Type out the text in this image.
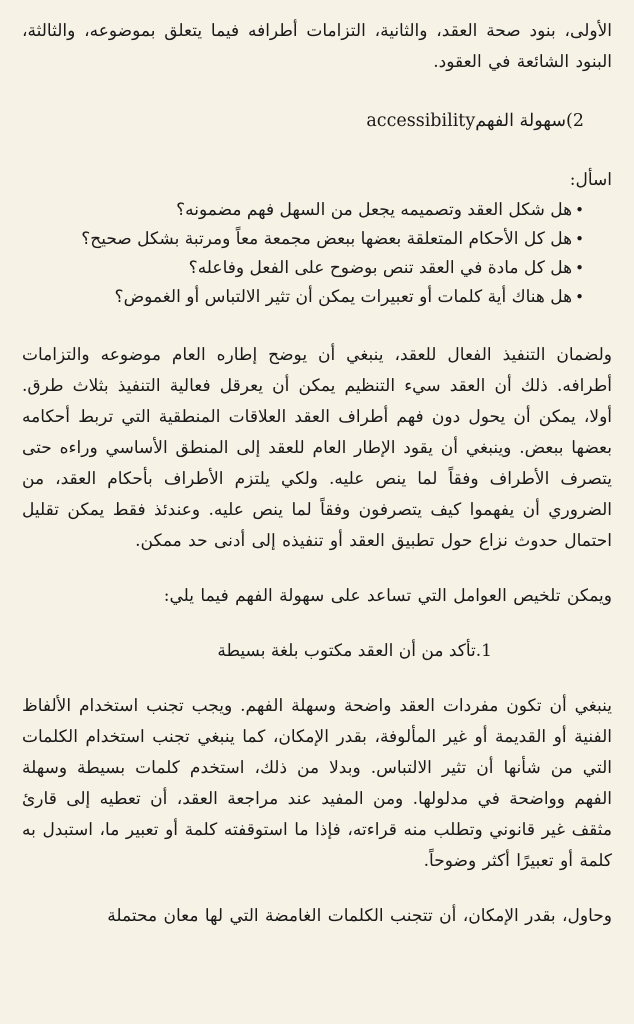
الأولى، بنود صحة العقد، والثانية، التزامات أطرافه فيما يتعلق بموضوعه، والثالثة، البنود الشائعة في العقود.

2)سهولة الفهمaccessibility

اسأل:

•هل شكل العقد وتصميمه يجعل من السهل فهم مضمونه؟
•هل كل الأحكام المتعلقة بعضها ببعض مجمعة معاً ومرتبة بشكل صحيح؟
•هل كل مادة في العقد تنص بوضوح على الفعل وفاعله؟
•هل هناك أية كلمات أو تعبيرات يمكن أن تثير الالتباس أو الغموض؟

ولضمان التنفيذ الفعال للعقد، ينبغي أن يوضح إطاره العام موضوعه والتزامات أطرافه. ذلك أن العقد سيء التنظيم يمكن أن يعرقل فعالية التنفيذ بثلاث طرق. أولا، يمكن أن يحول دون فهم أطراف العقد العلاقات المنطقية التي تربط أحكامه بعضها ببعض. وينبغي أن يقود الإطار العام للعقد إلى المنطق الأساسي وراءه حتى يتصرف الأطراف وفقاً لما ينص عليه. ولكي يلتزم الأطراف بأحكام العقد، من الضروري أن يفهموا كيف يتصرفون وفقاً لما ينص عليه. وعندئذ فقط يمكن تقليل احتمال حدوث نزاع حول تطبيق العقد أو تنفيذه إلى أدنى حد ممكن.

ويمكن تلخيص العوامل التي تساعد على سهولة الفهم فيما يلي:

1.تأكد من أن العقد مكتوب بلغة بسيطة

ينبغي أن تكون مفردات العقد واضحة وسهلة الفهم. ويجب تجنب استخدام الألفاظ الفنية أو القديمة أو غير المألوفة، بقدر الإمكان، كما ينبغي تجنب استخدام الكلمات التي من شأنها أن تثير الالتباس. وبدلا من ذلك، استخدم كلمات بسيطة وسهلة الفهم وواضحة في مدلولها. ومن المفيد عند مراجعة العقد، أن تعطيه إلى قارئ مثقف غير قانوني وتطلب منه قراءته، فإذا ما استوقفته كلمة أو تعبير ما، استبدل به كلمة أو تعبيرًا أكثر وضوحاً.

وحاول، بقدر الإمكان، أن تتجنب الكلمات الغامضة التي لها معان محتملة
